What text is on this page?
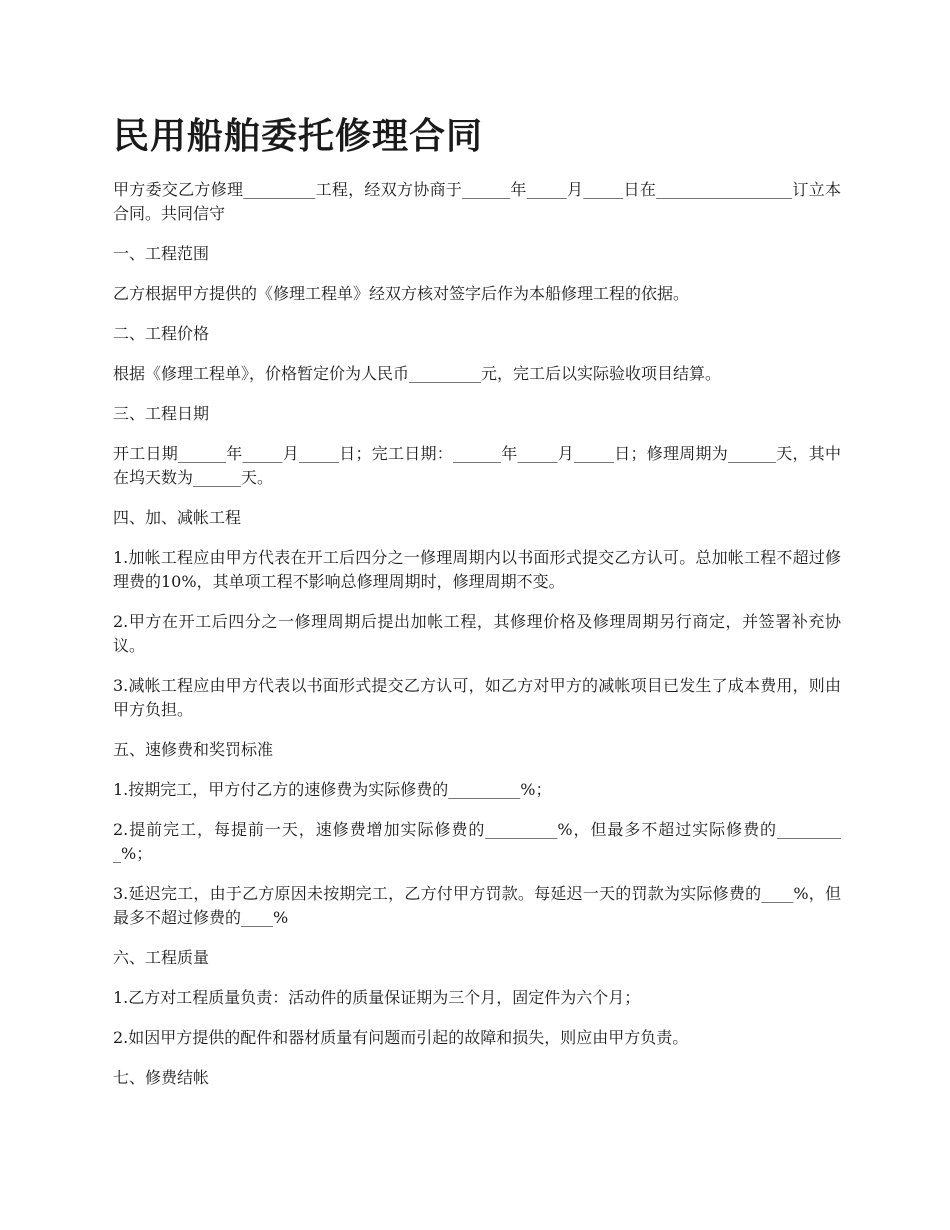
民用船舶委托修理合同
甲方委交乙方修理_________工程，经双方协商于______年_____月_____日在_________________订立本合同。共同信守
一、工程范围
乙方根据甲方提供的《修理工程单》经双方核对签字后作为本船修理工程的依据。
二、工程价格
根据《修理工程单》，价格暂定价为人民币_________元，完工后以实际验收项目结算。
三、工程日期
开工日期______年_____月_____日；完工日期：______年_____月_____日；修理周期为______天，其中在坞天数为______天。
四、加、减帐工程
1.加帐工程应由甲方代表在开工后四分之一修理周期内以书面形式提交乙方认可。总加帐工程不超过修理费的10%，其单项工程不影响总修理周期时，修理周期不变。
2.甲方在开工后四分之一修理周期后提出加帐工程，其修理价格及修理周期另行商定，并签署补充协议。
3.减帐工程应由甲方代表以书面形式提交乙方认可，如乙方对甲方的减帐项目已发生了成本费用，则由甲方负担。
五、速修费和奖罚标准
1.按期完工，甲方付乙方的速修费为实际修费的_________%；
2.提前完工，每提前一天，速修费增加实际修费的_________%，但最多不超过实际修费的_________%；
3.延迟完工，由于乙方原因未按期完工，乙方付甲方罚款。每延迟一天的罚款为实际修费的____%，但最多不超过修费的____%
六、工程质量
1.乙方对工程质量负责：活动件的质量保证期为三个月，固定件为六个月；
2.如因甲方提供的配件和器材质量有问题而引起的故障和损失，则应由甲方负责。
七、修费结帐
